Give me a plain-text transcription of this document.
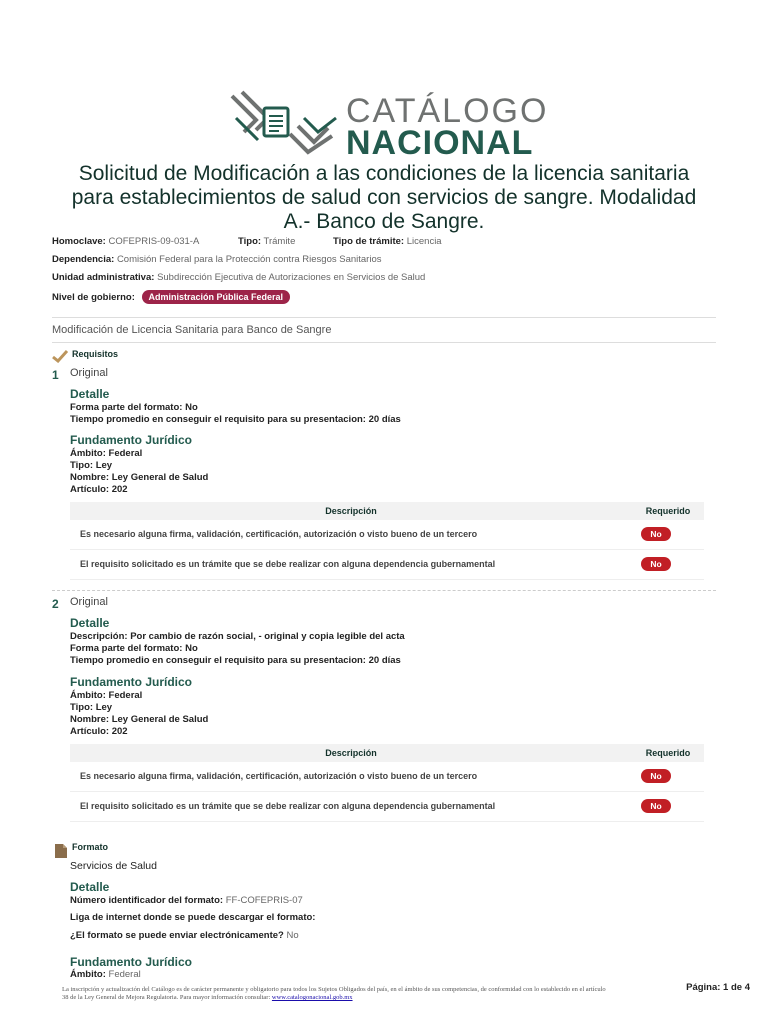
CATÁLOGO
NACIONAL
Solicitud de Modificación a las condiciones de la licencia sanitaria para establecimientos de salud con servicios de sangre. Modalidad A.- Banco de Sangre.
Homoclave: COFEPRIS-09-031-A	Tipo: Trámite	Tipo de trámite: Licencia
Dependencia: Comisión Federal para la Protección contra Riesgos Sanitarios
Unidad administrativa: Subdirección Ejecutiva de Autorizaciones en Servicios de Salud
Nivel de gobierno: Administración Pública Federal
Modificación de Licencia Sanitaria para Banco de Sangre
Requisitos
1 Original
Detalle
Forma parte del formato: No
Tiempo promedio en conseguir el requisito para su presentacion: 20 días
Fundamento Jurídico
Ámbito: Federal
Tipo: Ley
Nombre: Ley General de Salud
Artículo: 202
Descripción	Requerido
Es necesario alguna firma, validación, certificación, autorización o visto bueno de un tercero	No
El requisito solicitado es un trámite que se debe realizar con alguna dependencia gubernamental	No
2 Original
Detalle
Descripción: Por cambio de razón social, - original y copia legible del acta
Forma parte del formato: No
Tiempo promedio en conseguir el requisito para su presentacion: 20 días
Fundamento Jurídico
Ámbito: Federal
Tipo: Ley
Nombre: Ley General de Salud
Artículo: 202
Descripción	Requerido
Es necesario alguna firma, validación, certificación, autorización o visto bueno de un tercero	No
El requisito solicitado es un trámite que se debe realizar con alguna dependencia gubernamental	No
Formato
Servicios de Salud
Detalle
Número identificador del formato: FF-COFEPRIS-07
Liga de internet donde se puede descargar el formato:
¿El formato se puede enviar electrónicamente? No
Fundamento Jurídico
Ámbito: Federal
La inscripción y actualización del Catálogo es de carácter permanente y obligatorio para todos los Sujetos Obligados del país, en el ámbito de sus competencias, de conformidad con lo establecido en el artículo
38 de la Ley General de Mejora Regulatoria. Para mayor información consultar: www.catalogonacional.gob.mx
Página: 1 de 4
